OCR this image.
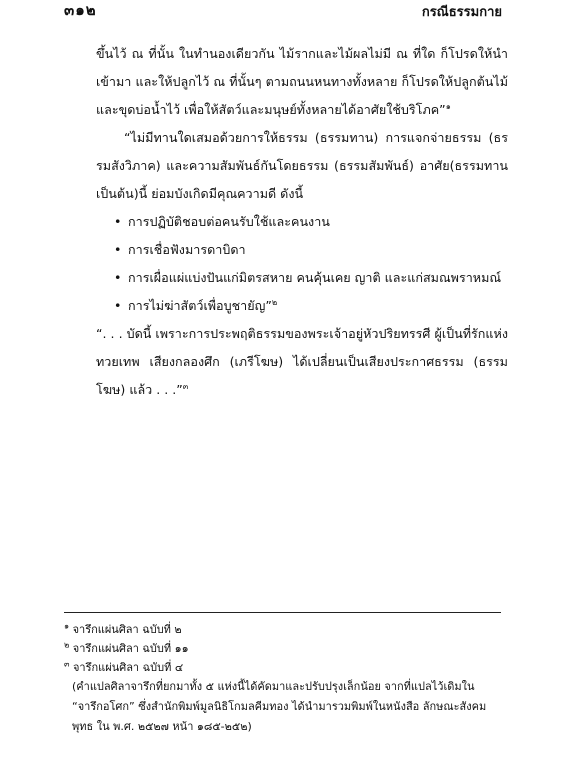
๓๑๒	กรณีธรรมกาย

ขึ้นไว้ ณ ที่นั้น ในทำนองเดียวกัน ไม้รากและไม้ผลไม่มี ณ ที่ใด ก็โปรดให้นำเข้ามา และให้ปลูกไว้ ณ ที่นั้นๆ ตามถนนหนทางทั้งหลาย ก็โปรดให้ปลูกต้นไม้และขุดบ่อน้ำไว้ เพื่อให้สัตว์และมนุษย์ทั้งหลายได้อาศัยใช้บริโภค”$^๑$

“ไม่มีทานใดเสมอด้วยการให้ธรรม (ธรรมทาน) การแจกจ่ายธรรม (ธรรมสังวิภาค) และความสัมพันธ์กันโดยธรรม (ธรรมสัมพันธ์) อาศัย(ธรรมทานเป็นต้น)นี้ ย่อมบังเกิดมีคุณความดี ดังนี้

• การปฏิบัติชอบต่อคนรับใช้และคนงาน
• การเชื่อฟังมารดาบิดา
• การเผื่อแผ่แบ่งปันแก่มิตรสหาย คนคุ้นเคย ญาติ และแก่สมณพราหมณ์
• การไม่ฆ่าสัตว์เพื่อบูชายัญ”$^๒$

“. . . บัดนี้ เพราะการประพฤติธรรมของพระเจ้าอยู่หัวปริยทรรศี ผู้เป็นที่รักแห่งทวยเทพ เสียงกลองศึก (เภรีโฆษ) ได้เปลี่ยนเป็นเสียงประกาศธรรม (ธรรมโฆษ) แล้ว . . .”$^๓$

$^๑$ จารึกแผ่นศิลา ฉบับที่ ๒

$^๒$ จารึกแผ่นศิลา ฉบับที่ ๑๑

$^๓$ จารึกแผ่นศิลา ฉบับที่ ๔

(คำแปลศิลาจารึกที่ยกมาทั้ง ๕ แห่งนี้ได้คัดมาและปรับปรุงเล็กน้อย จากที่แปลไว้เดิมใน “จารึกอโศก” ซึ่งสำนักพิมพ์มูลนิธิโกมลคีมทอง ได้นำมารวมพิมพ์ในหนังสือ ลักษณะสังคมพุทธ ใน พ.ศ. ๒๕๒๗ หน้า ๑๘๕-๒๕๒)
